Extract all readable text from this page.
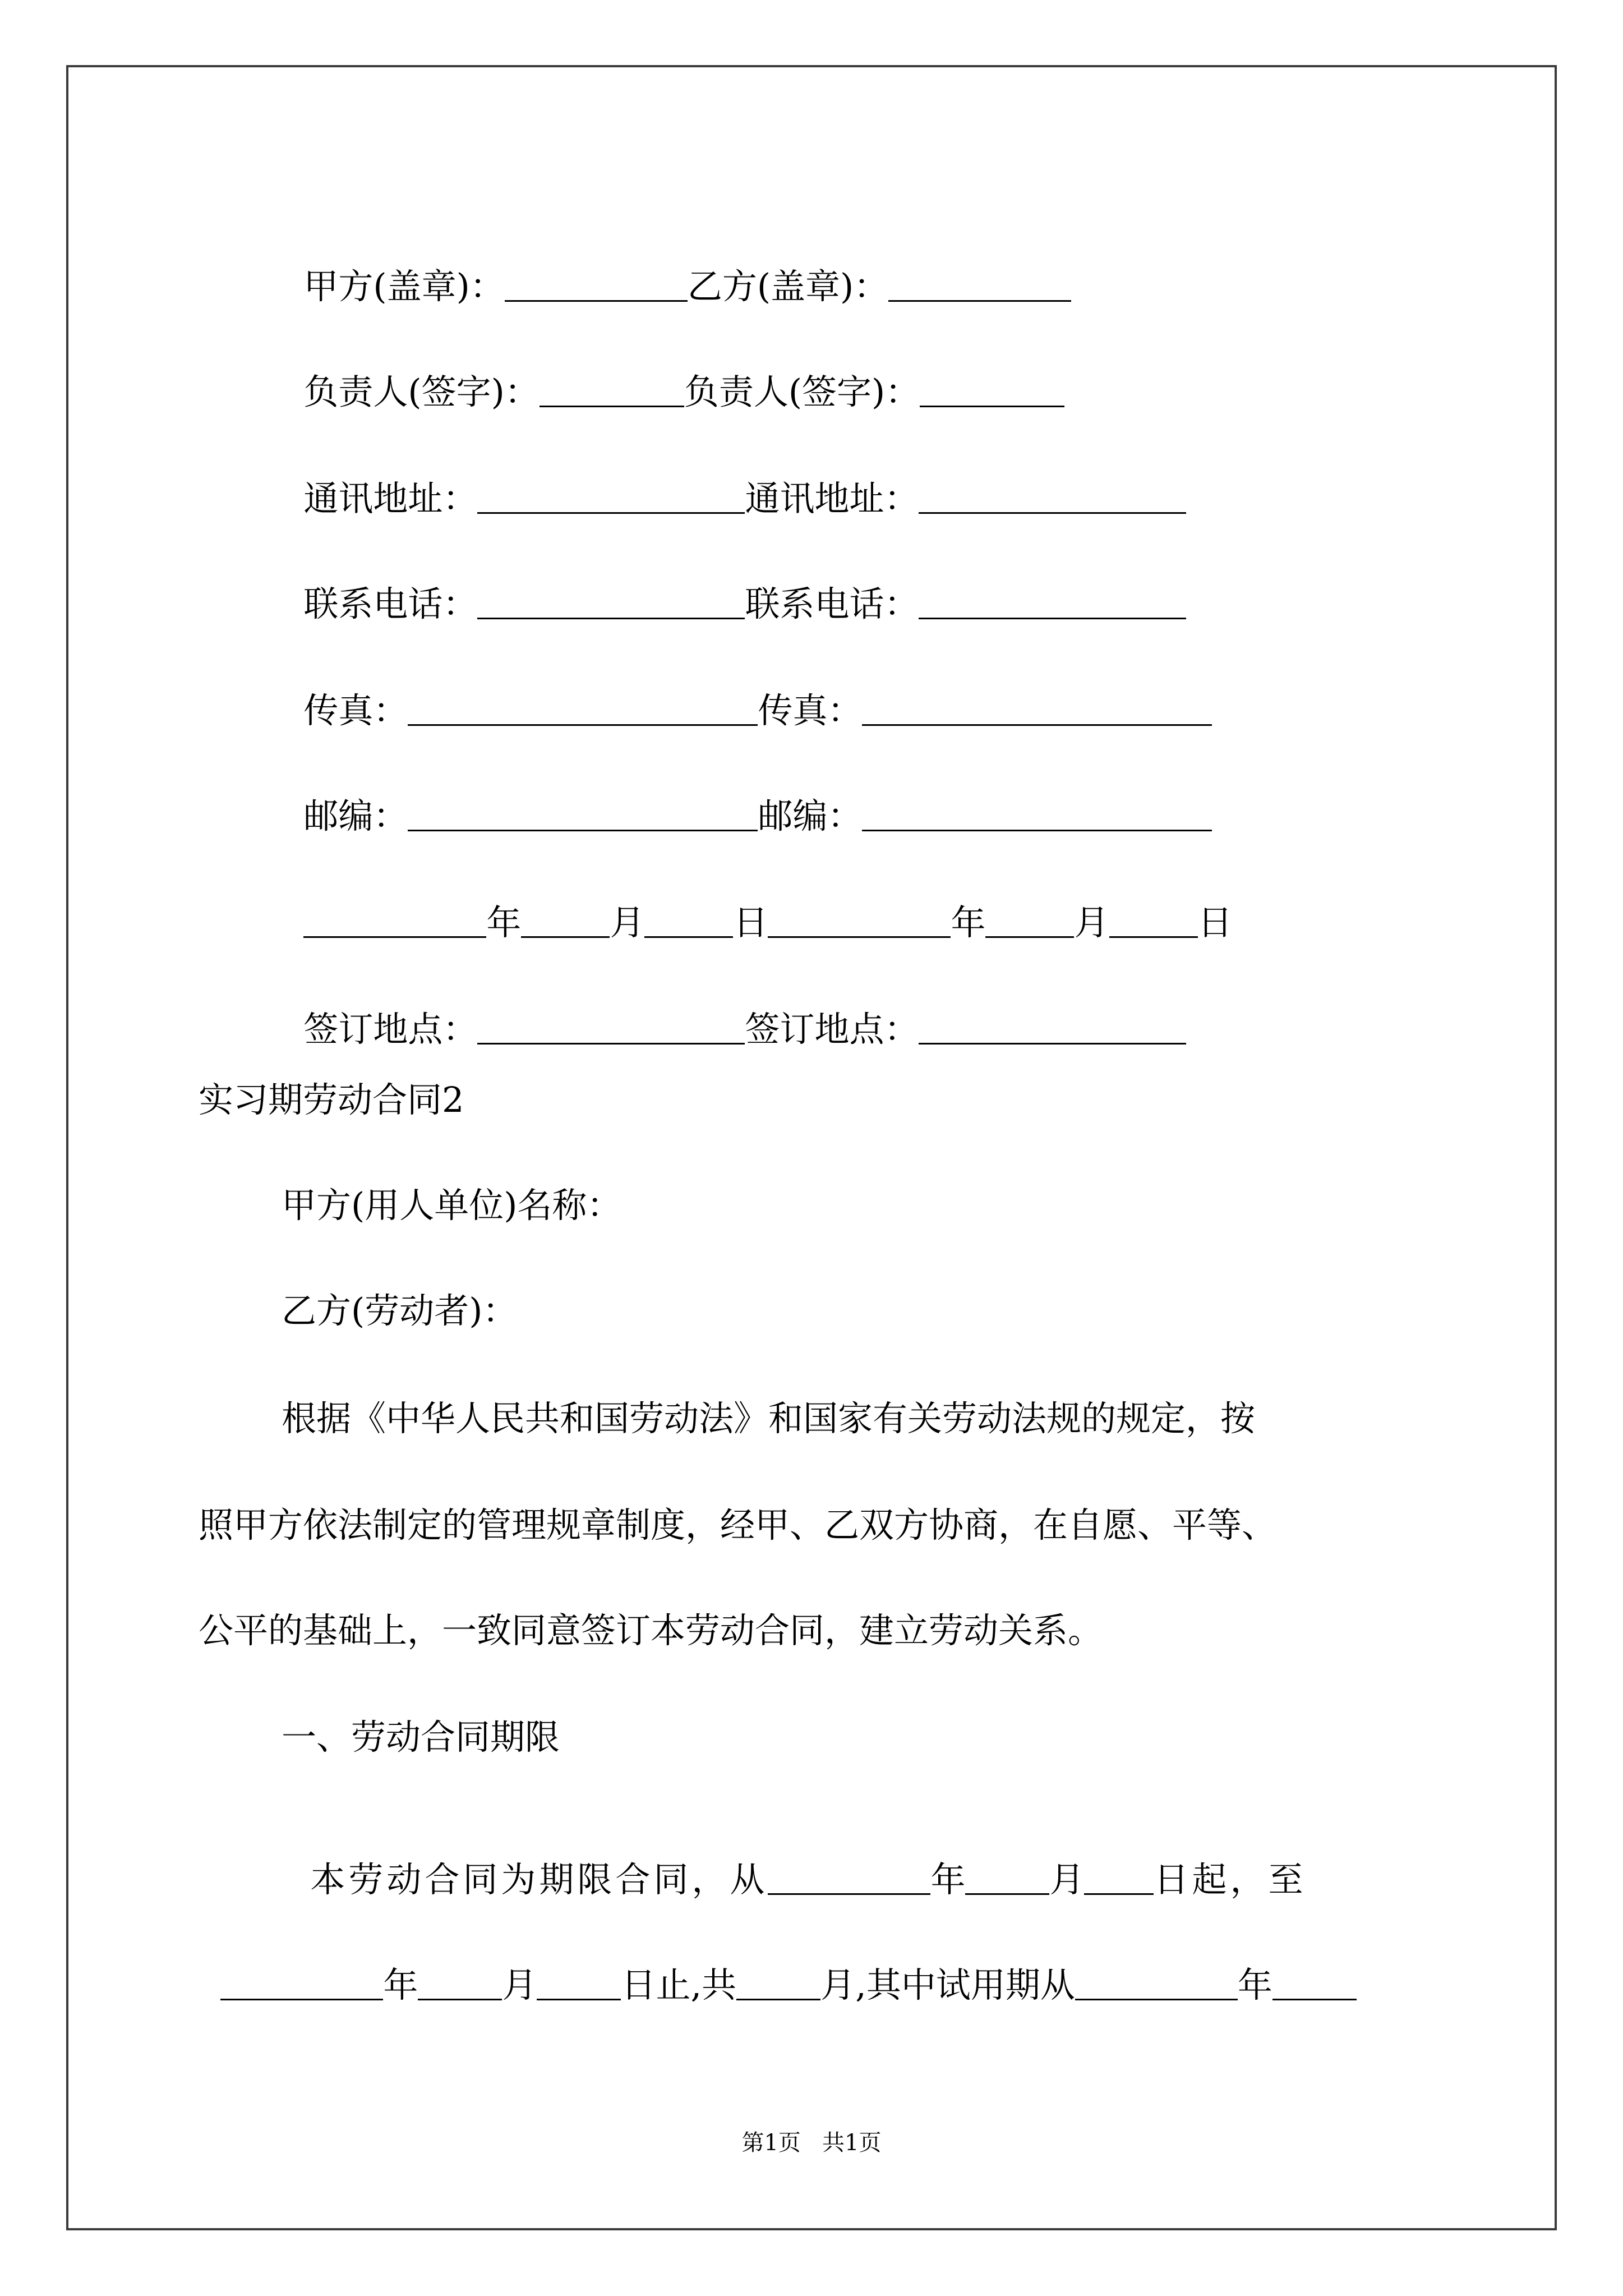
甲方(盖章)：	乙方(盖章)：

负责人(签字)：	负责人(签字)：

通讯地址：	通讯地址：

联系电话：	联系电话：

传真：	传真：

邮编：	邮编：

年	月	日	年	月	日

签订地点：	签订地点：

实习期劳动合同2
甲方(用人单位)名称：
乙方(劳动者)：
根据《中华人民共和国劳动法》和国家有关劳动法规的规定，按
照甲方依法制定的管理规章制度，经甲、乙双方协商，在自愿、平等、
公平的基础上，一致同意签订本劳动合同，建立劳动关系。
一、劳动合同期限

本劳动合同为期限合同，从	年 月 日起，至

年 月 日止,共 月,其中试用期从	年

第1页   共1页
